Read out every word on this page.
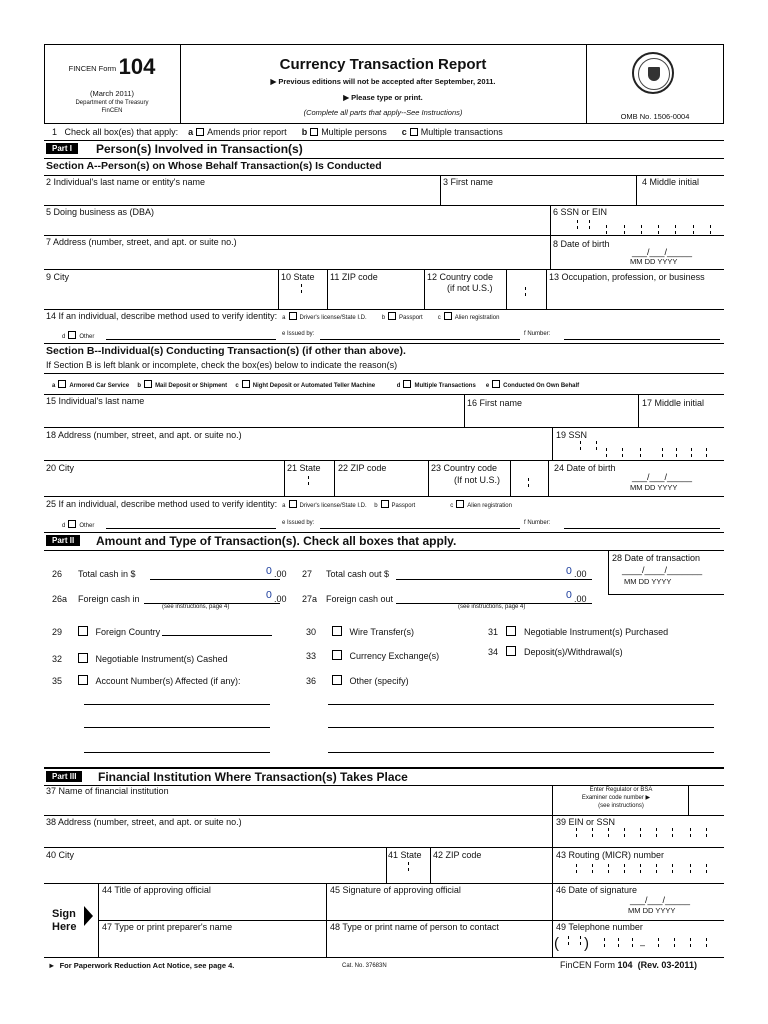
FINCEN Form 104
(March 2011)
Department of the Treasury
FinCEN
Currency Transaction Report
▶ Previous editions will not be accepted after September, 2011.
▶ Please type or print.
(Complete all parts that apply--See Instructions)	OMB No. 1506-0004
1 Check all box(es) that apply: a Amends prior report b Multiple persons c Multiple transactions
Part I	Person(s) Involved in Transaction(s)
Section A--Person(s) on Whose Behalf Transaction(s) Is Conducted
2 Individual's last name or entity's name	3 First name	4 Middle initial
5 Doing business as (DBA)	6 SSN or EIN
7 Address (number, street, and apt. or suite no.)	8 Date of birth
___/___/_____
MM DD YYYY
9 City	10 State 11 ZIP code	12 Country code
(if not U.S.)
13 Occupation, profession, or business
14 If an individual, describe method used to verify identity: a Driver's license/State I.D.	b Passport	c Alien registration
d Other	e Issued by:	f Number:
Section B--Individual(s) Conducting Transaction(s) (if other than above).
If Section B is left blank or incomplete, check the box(es) below to indicate the reason(s)
a Armored Car Service b Mail Deposit or Shipment c Night Deposit or Automated Teller Machine	d Multiple Transactions e Conducted On Own Behalf
15 Individual's last name	16 First name	17 Middle initial
18 Address (number, street, and apt. or suite no.)	19 SSN
20 City	21 State 22 ZIP code	23 Country code
(If not U.S.)
24 Date of birth
___/___/_____
MM DD YYYY
25 If an individual, describe method used to verify identity: a Driver's license/State I.D. b Passport	c Alien registration
d Other	e Issued by:	f Number:
Part II	Amount and Type of Transaction(s). Check all boxes that apply.
28 Date of transaction
____/____/_______
MM DD YYYY
26 Total cash in $	0 .00 27 Total cash out $	0 .00
26a Foreign cash in	0 .00
(see instructions, page 4)
27a Foreign cash out	0 .00
(see instructions, page 4)
29	Foreign Country	30	Wire Transfer(s)	31	Negotiable Instrument(s) Purchased
32	Negotiable Instrument(s) Cashed	33	Currency Exchange(s)	34	Deposit(s)/Withdrawal(s)
35	Account Number(s) Affected (if any):	36	Other (specify)
Part III	Financial Institution Where Transaction(s) Takes Place
37 Name of financial institution	Enter Regulator or BSA
Examiner code number ▶
(see instructions)
38 Address (number, street, and apt. or suite no.)	39 EIN or SSN
40 City	41 State 42 ZIP code	43 Routing (MICR) number
Sign
Here
44 Title of approving official	45 Signature of approving official	46 Date of signature
___/___/_____
MM DD YYYY
47 Type or print preparer's name	48 Type or print name of person to contact	49 Telephone number
(      )	–
►  For Paperwork Reduction Act Notice, see page 4.	Cat. No. 37683N	FinCEN Form 104 (Rev. 03-2011)
